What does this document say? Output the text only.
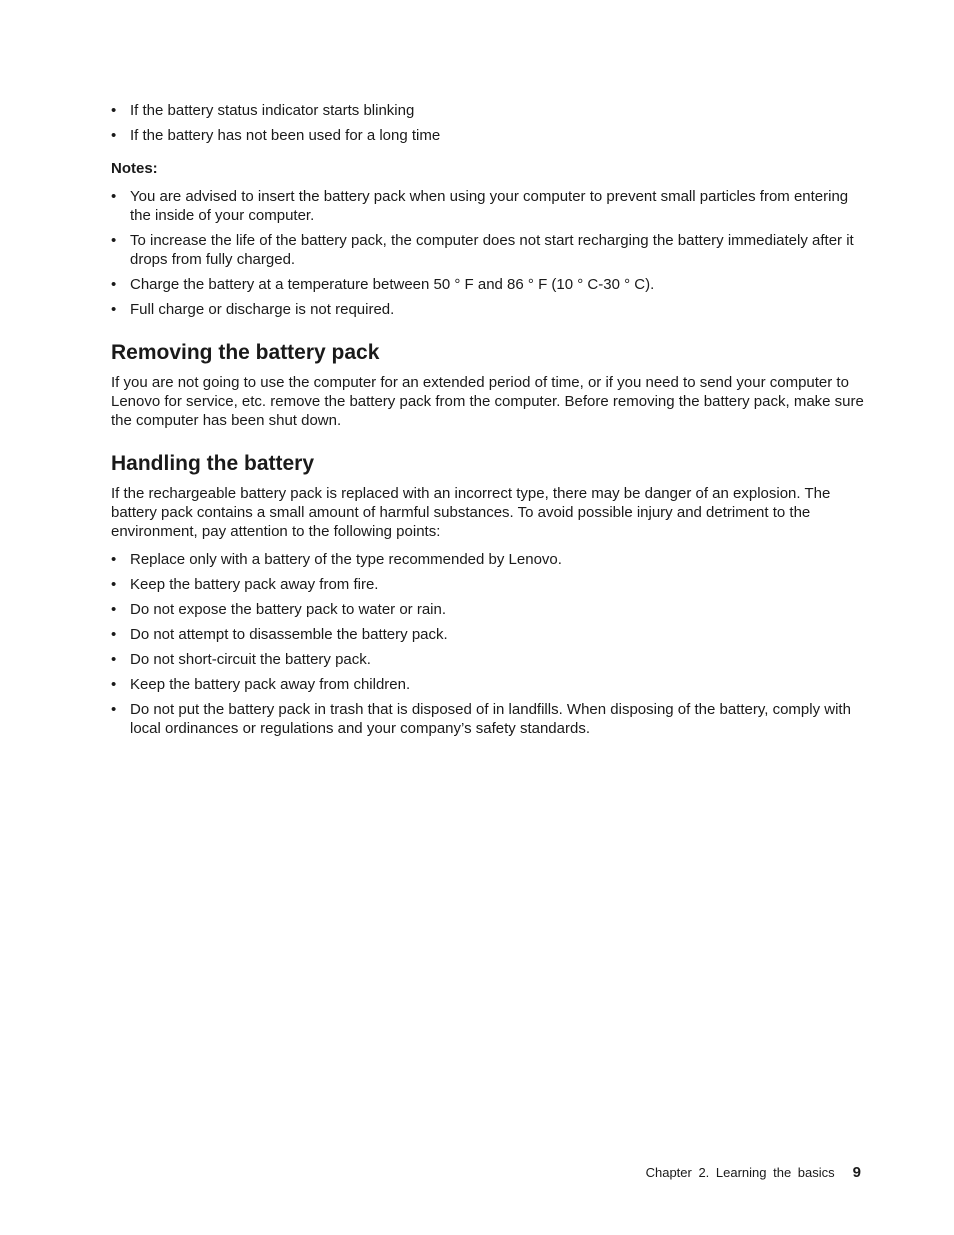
• If the battery status indicator starts blinking
• If the battery has not been used for a long time
Notes:
• You are advised to insert the battery pack when using your computer to prevent small particles from entering the inside of your computer.
• To increase the life of the battery pack, the computer does not start recharging the battery immediately after it drops from fully charged.
• Charge the battery at a temperature between 50 ° F and 86 ° F (10 ° C-30 ° C).
• Full charge or discharge is not required.
Removing the battery pack

If you are not going to use the computer for an extended period of time, or if you need to send your computer to Lenovo for service, etc. remove the battery pack from the computer. Before removing the battery pack, make sure the computer has been shut down.

Handling the battery

If the rechargeable battery pack is replaced with an incorrect type, there may be danger of an explosion. The battery pack contains a small amount of harmful substances. To avoid possible injury and detriment to the environment, pay attention to the following points:

• Replace only with a battery of the type recommended by Lenovo.
• Keep the battery pack away from fire.
• Do not expose the battery pack to water or rain.
• Do not attempt to disassemble the battery pack.
• Do not short-circuit the battery pack.
• Keep the battery pack away from children.
• Do not put the battery pack in trash that is disposed of in landfills. When disposing of the battery, comply with local ordinances or regulations and your company’s safety standards.
Chapter 2. Learning the basics 9
